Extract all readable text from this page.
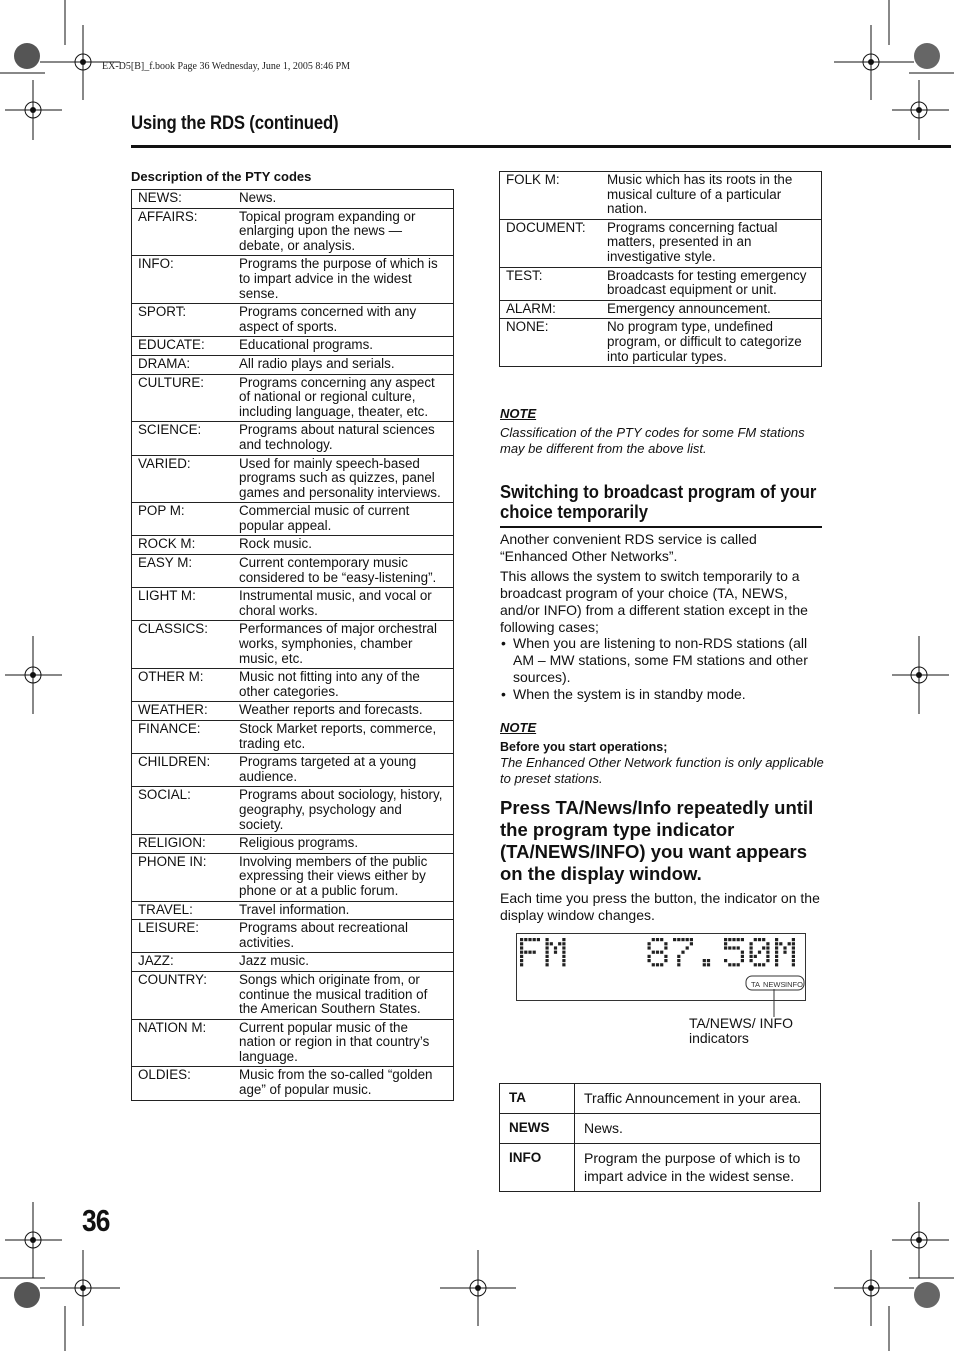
EX-D5[B]_f.book Page 36 Wednesday, June 1, 2005 8:46 PM
Using the RDS (continued)
Description of the PTY codes
NEWS:	News.
AFFAIRS:	Topical program expanding or enlarging upon the news — debate, or analysis.
INFO:	Programs the purpose of which is to impart advice in the widest sense.
SPORT:	Programs concerned with any aspect of sports.
EDUCATE:	Educational programs.
DRAMA:	All radio plays and serials.
CULTURE:	Programs concerning any aspect of national or regional culture, including language, theater, etc.
SCIENCE:	Programs about natural sciences and technology.
VARIED:	Used for mainly speech-based programs such as quizzes, panel games and personality interviews.
POP M:	Commercial music of current popular appeal.
ROCK M:	Rock music.
EASY M:	Current contemporary music considered to be “easy-listening”.
LIGHT M:	Instrumental music, and vocal or choral works.
CLASSICS:	Performances of major orchestral works, symphonies, chamber music, etc.
OTHER M:	Music not fitting into any of the other categories.
WEATHER:	Weather reports and forecasts.
FINANCE:	Stock Market reports, commerce, trading etc.
CHILDREN:	Programs targeted at a young audience.
SOCIAL:	Programs about sociology, history, geography, psychology and society.
RELIGION:	Religious programs.
PHONE IN:	Involving members of the public expressing their views either by phone or at a public forum.
TRAVEL:	Travel information.
LEISURE:	Programs about recreational activities.
JAZZ:	Jazz music.
COUNTRY:	Songs which originate from, or continue the musical tradition of the American Southern States.
NATION M:	Current popular music of the nation or region in that country’s language.
OLDIES:	Music from the so-called “golden age” of popular music.
FOLK M:	Music which has its roots in the musical culture of a particular nation.
DOCUMENT:	Programs concerning factual matters, presented in an investigative style.
TEST:	Broadcasts for testing emergency broadcast equipment or unit.
ALARM:	Emergency announcement.
NONE:	No program type, undefined program, or difficult to categorize into particular types.
NOTE
Classification of the PTY codes for some FM stations may be different from the above list.
Switching to broadcast program of your choice temporarily
Another convenient RDS service is called “Enhanced Other Networks”.
This allows the system to switch temporarily to a broadcast program of your choice (TA, NEWS, and/or INFO) from a different station except in the following cases;
• When you are listening to non-RDS stations (all AM – MW stations, some FM stations and other sources).
• When the system is in standby mode.
NOTE
Before you start operations;
The Enhanced Other Network function is only applicable to preset stations.
Press TA/News/Info repeatedly until the program type indicator (TA/NEWS/INFO) you want appears on the display window.
Each time you press the button, the indicator on the display window changes.
TA NEWS INFO
TA/NEWS/ INFO indicators
TA	Traffic Announcement in your area.
NEWS	News.
INFO	Program the purpose of which is to impart advice in the widest sense.
36
